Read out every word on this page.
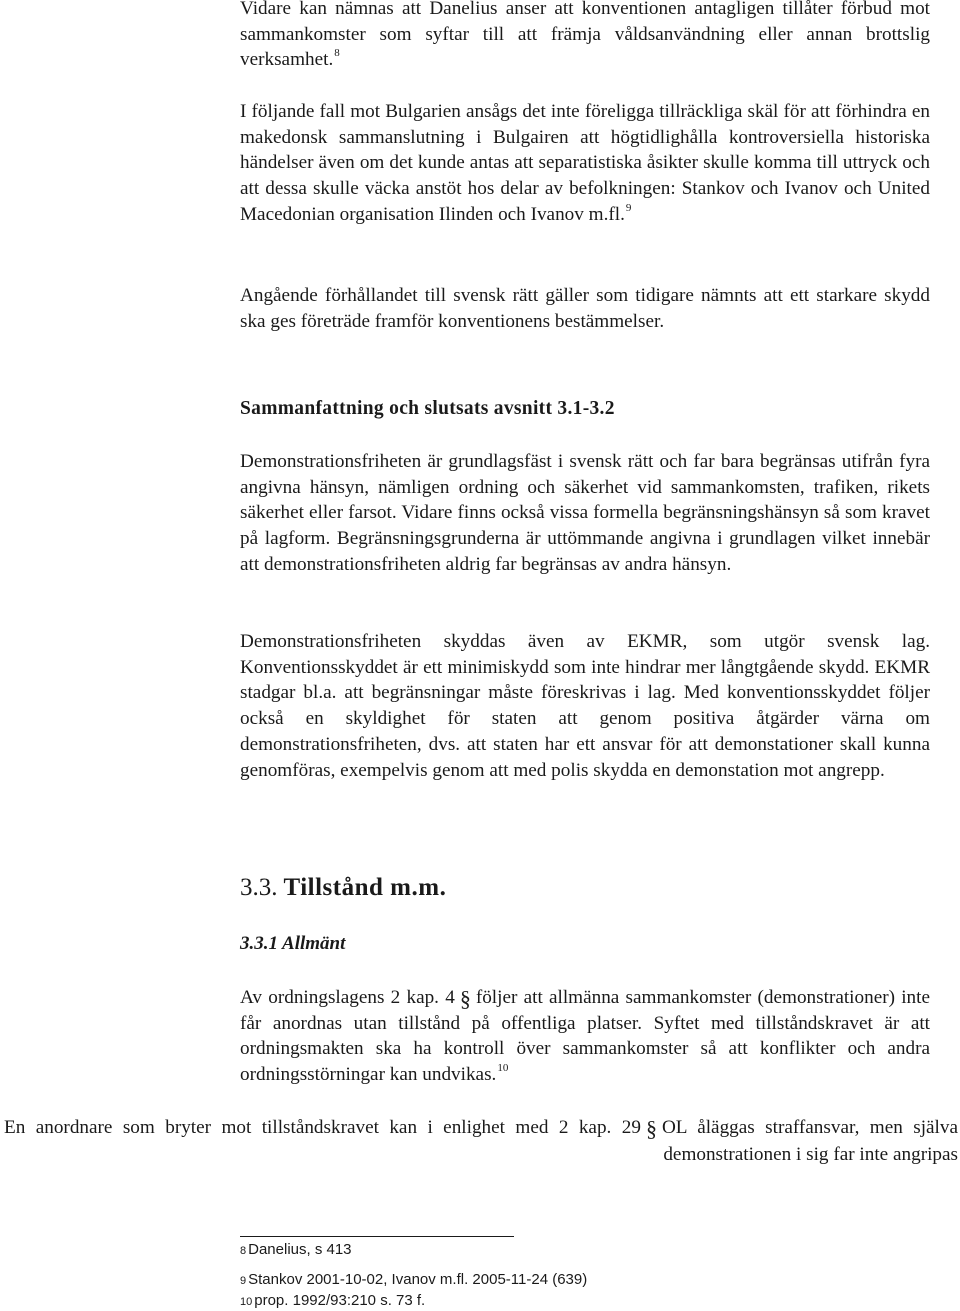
Vidare kan nämnas att Danelius anser att konventionen antagligen tillåter förbud mot sammankomster som syftar till att främja våldsanvändning eller annan brottslig verksamhet.$^8$

I följande fall mot Bulgarien ansågs det inte föreligga tillräckliga skäl för att förhindra en makedonsk sammanslutning i Bulgairen att högtidlighålla kontroversiella historiska händelser även om det kunde antas att separatistiska åsikter skulle komma till uttryck och att dessa skulle väcka anstöt hos delar av befolkningen: Stankov och Ivanov och United Macedonian organisation Ilinden och Ivanov m.fl.$^9$

Angående förhållandet till svensk rätt gäller som tidigare nämnts att ett starkare skydd ska ges företräde framför konventionens bestämmelser.

Sammanfattning och slutsats avsnitt 3.1-3.2

Demonstrationsfriheten är grundlagsfäst i svensk rätt och far bara begränsas utifrån fyra angivna hänsyn, nämligen ordning och säkerhet vid sammankomsten, trafiken, rikets säkerhet eller farsot. Vidare finns också vissa formella begränsningshänsyn så som kravet på lagform. Begränsningsgrunderna är uttömmande angivna i grundlagen vilket innebär att demonstrationsfriheten aldrig far begränsas av andra hänsyn.

Demonstrationsfriheten skyddas även av EKMR, som utgör svensk lag. Konventionsskyddet är ett minimiskydd som inte hindrar mer långtgående skydd. EKMR stadgar bl.a. att begränsningar måste föreskrivas i lag. Med konventionsskyddet följer också en skyldighet för staten att genom positiva åtgärder värna om demonstrationsfriheten, dvs. att staten har ett ansvar för att demonstationer skall kunna genomföras, exempelvis genom att med polis skydda en demonstation mot angrepp.

3.3. Tillstånd m.m.
3.3.1 Allmänt

Av ordningslagens 2 kap. 4 § följer att allmänna sammankomster (demonstrationer) inte får anordnas utan tillstånd på offentliga platser. Syftet med tillståndskravet är att ordningsmakten ska ha kontroll över sammankomster så att konflikter och andra ordningsstörningar kan undvikas.$^{10}$

En anordnare som bryter mot tillståndskravet kan i enlighet med 2 kap. 29 § OL åläggas straffansvar, men själva demonstrationen i sig far inte angripas

8 Danelius, s 413

9 Stankov 2001-10-02, Ivanov m.fl. 2005-11-24 (639)

10 prop. 1992/93:210 s. 73 f.
